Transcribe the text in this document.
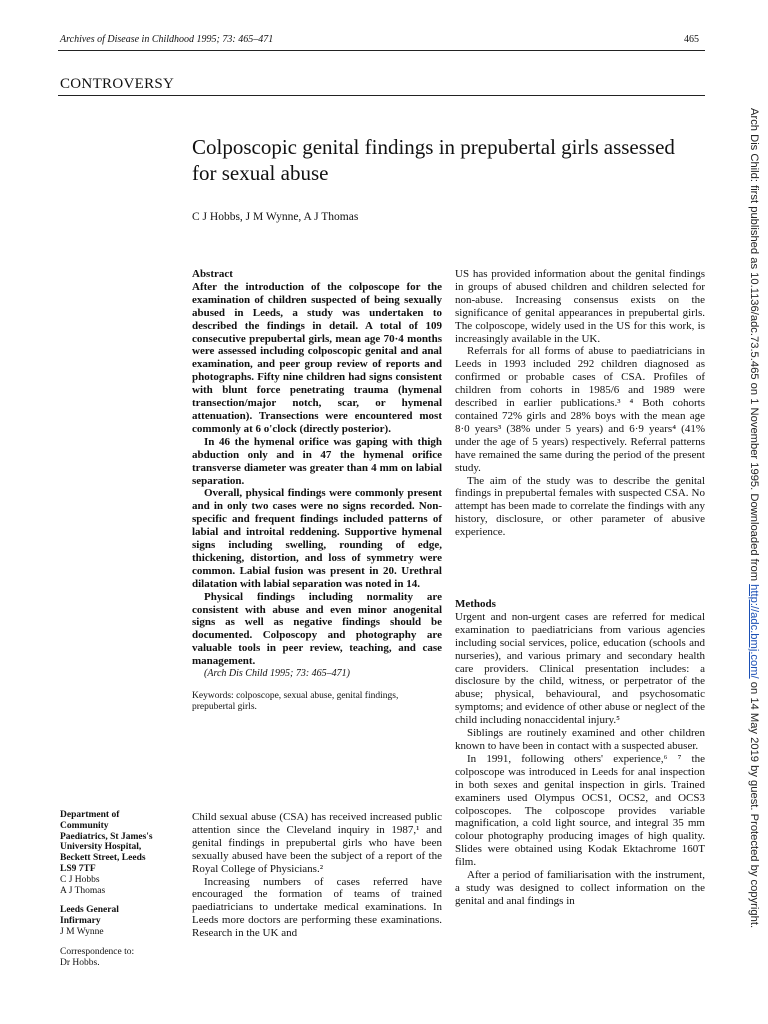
Archives of Disease in Childhood 1995; 73: 465–471	465
CONTROVERSY
Colposcopic genital findings in prepubertal girls assessed for sexual abuse
C J Hobbs, J M Wynne, A J Thomas
Abstract

After the introduction of the colposcope for the examination of children suspected of being sexually abused in Leeds, a study was undertaken to described the findings in detail. A total of 109 consecutive prepubertal girls, mean age 70·4 months were assessed including colposcopic genital and anal examination, and peer group review of reports and photographs. Fifty nine children had signs consistent with blunt force penetrating trauma (hymenal transection/major notch, scar, or hymenal attenuation). Transections were encountered most commonly at 6 o'clock (directly posterior).

In 46 the hymenal orifice was gaping with thigh abduction only and in 47 the hymenal orifice transverse diameter was greater than 4 mm on labial separation.

Overall, physical findings were commonly present and in only two cases were no signs recorded. Non-specific and frequent findings included patterns of labial and introital reddening. Supportive hymenal signs including swelling, rounding of edge, thickening, distortion, and loss of symmetry were common. Labial fusion was present in 20. Urethral dilatation with labial separation was noted in 14.

Physical findings including normality are consistent with abuse and even minor anogenital signs as well as negative findings should be documented. Colposcopy and photography are valuable tools in peer review, teaching, and case management.

(Arch Dis Child 1995; 73: 465–471)

Keywords: colposcope, sexual abuse, genital findings, prepubertal girls.

Child sexual abuse (CSA) has received increased public attention since the Cleveland inquiry in 1987,¹ and genital findings in prepubertal girls who have been sexually abused have been the subject of a report of the Royal College of Physicians.²

Increasing numbers of cases referred have encouraged the formation of teams of trained paediatricians to undertake medical examinations. In Leeds more doctors are performing these examinations. Research in the UK and

US has provided information about the genital findings in groups of abused children and children selected for non-abuse. Increasing consensus exists on the significance of genital appearances in prepubertal girls. The colposcope, widely used in the US for this work, is increasingly available in the UK.

Referrals for all forms of abuse to paediatricians in Leeds in 1993 included 292 children diagnosed as confirmed or probable cases of CSA. Profiles of children from cohorts in 1985/6 and 1989 were described in earlier publications.³ ⁴ Both cohorts contained 72% girls and 28% boys with the mean age 8·0 years³ (38% under 5 years) and 6·9 years⁴ (41% under the age of 5 years) respectively. Referral patterns have remained the same during the period of the present study.

The aim of the study was to describe the genital findings in prepubertal females with suspected CSA. No attempt has been made to correlate the findings with any history, disclosure, or other parameter of abusive experience.

Methods

Urgent and non-urgent cases are referred for medical examination to paediatricians from various agencies including social services, police, education (schools and nurseries), and various primary and secondary health care providers. Clinical presentation includes: a disclosure by the child, witness, or perpetrator of the abuse; physical, behavioural, and psychosomatic symptoms; and evidence of other abuse or neglect of the child including nonaccidental injury.⁵

Siblings are routinely examined and other children known to have been in contact with a suspected abuser.

In 1991, following others' experience,⁶ ⁷ the colposcope was introduced in Leeds for anal inspection in both sexes and genital inspection in girls. Trained examiners used Olympus OCS1, OCS2, and OCS3 colposcopes. The colposcope provides variable magnification, a cold light source, and integral 35 mm colour photography producing images of high quality. Slides were obtained using Kodak Ektachrome 160T film.

After a period of familiarisation with the instrument, a study was designed to collect information on the genital and anal findings in

Department of
Community
Paediatrics, St James's
University Hospital,
Beckett Street, Leeds
LS9 7TF
C J Hobbs
A J Thomas
Leeds General
Infirmary
J M Wynne
Correspondence to:
Dr Hobbs.
Arch Dis Child: first published as 10.1136/adc.73.5.465 on 1 November 1995. Downloaded from http://adc.bmj.com/ on 14 May 2019 by guest. Protected by copyright.
